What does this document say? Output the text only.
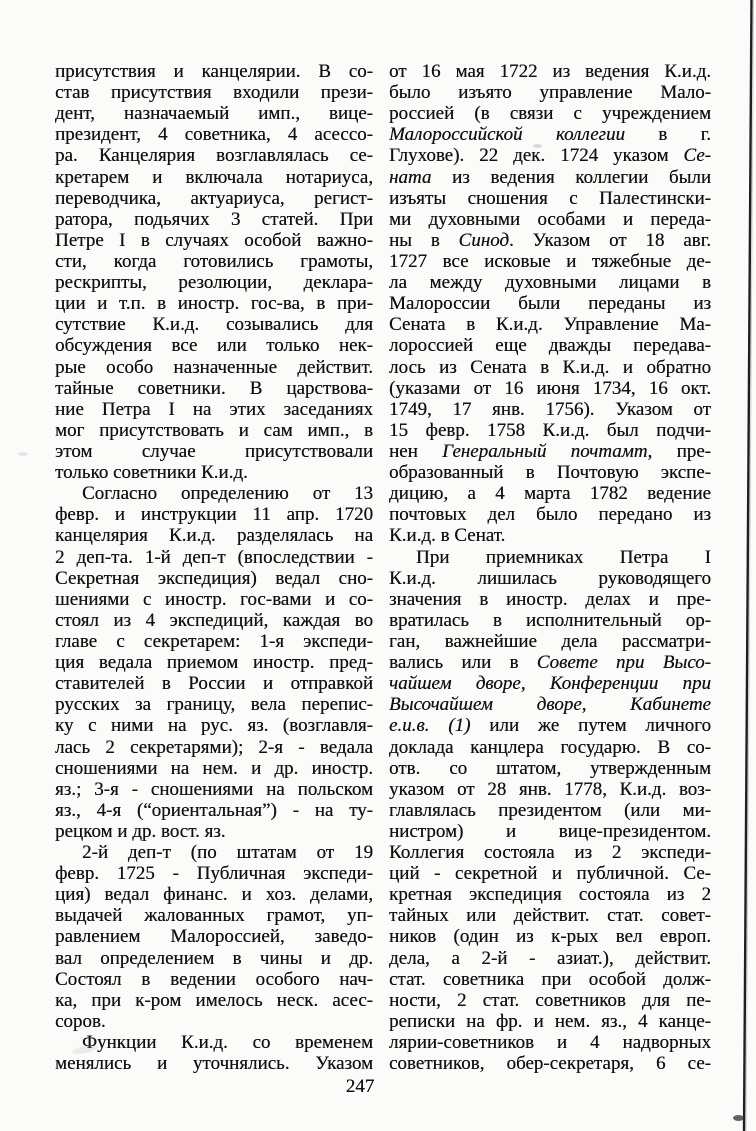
присутствия и канцелярии. В со-
став присутствия входили прези-
дент, назначаемый имп., вице-
президент, 4 советника, 4 асессо-
ра. Канцелярия возглавлялась се-
кретарем и включала нотариуса,
переводчика, актуариуса, регист-
ратора, подьячих 3 статей. При
Петре I в случаях особой важно-
сти, когда готовились грамоты,
рескрипты, резолюции, деклара-
ции и т.п. в иностр. гос-ва, в при-
сутствие К.и.д. созывались для
обсуждения все или только нек-
рые особо назначенные действит.
тайные советники. В царствова-
ние Петра I на этих заседаниях
мог присутствовать и сам имп., в
этом случае присутствовали
только советники К.и.д.
Согласно определению от 13
февр. и инструкции 11 апр. 1720
канцелярия К.и.д. разделялась на
2 деп-та. 1-й деп-т (впоследствии -
Секретная экспедиция) ведал сно-
шениями с иностр. гос-вами и со-
стоял из 4 экспедиций, каждая во
главе с секретарем: 1-я экспеди-
ция ведала приемом иностр. пред-
ставителей в России и отправкой
русских за границу, вела перепис-
ку с ними на рус. яз. (возглавля-
лась 2 секретарями); 2-я - ведала
сношениями на нем. и др. иностр.
яз.; 3-я - сношениями на польском
яз., 4-я (“ориентальная”) - на ту-
рецком и др. вост. яз.
2-й деп-т (по штатам от 19
февр. 1725 - Публичная экспеди-
ция) ведал финанс. и хоз. делами,
выдачей жалованных грамот, уп-
равлением Малороссией, заведо-
вал определением в чины и др.
Состоял в ведении особого нач-
ка, при к-ром имелось неск. асес-
соров.
Функции К.и.д. со временем
менялись и уточнялись. Указом
от 16 мая 1722 из ведения К.и.д.
было изъято управление Мало-
россией (в связи с учреждением
Малороссийской коллегии в г.
Глухове). 22 дек. 1724 указом Се-
ната из ведения коллегии были
изъяты сношения с Палестински-
ми духовными особами и переда-
ны в Синод. Указом от 18 авг.
1727 все исковые и тяжебные де-
ла между духовными лицами в
Малороссии были переданы из
Сената в К.и.д. Управление Ма-
лороссией еще дважды передава-
лось из Сената в К.и.д. и обратно
(указами от 16 июня 1734, 16 окт.
1749, 17 янв. 1756). Указом от
15 февр. 1758 К.и.д. был подчи-
нен Генеральный почтамт, пре-
образованный в Почтовую экспе-
дицию, а 4 марта 1782 ведение
почтовых дел было передано из
К.и.д. в Сенат.
При приемниках Петра I
К.и.д. лишилась руководящего
значения в иностр. делах и пре-
вратилась в исполнительный ор-
ган, важнейшие дела рассматри-
вались или в Совете при Высо-
чайшем дворе, Конференции при
Высочайшем дворе, Кабинете
е.и.в. (1) или же путем личного
доклада канцлера государю. В со-
отв. со штатом, утвержденным
указом от 28 янв. 1778, К.и.д. воз-
главлялась президентом (или ми-
нистром) и вице-президентом.
Коллегия состояла из 2 экспеди-
ций - секретной и публичной. Се-
кретная экспедиция состояла из 2
тайных или действит. стат. совет-
ников (один из к-рых вел европ.
дела, а 2-й - азиат.), действит.
стат. советника при особой долж-
ности, 2 стат. советников для пе-
реписки на фр. и нем. яз., 4 канце-
лярии-советников и 4 надворных
советников, обер-секретаря, 6 се-
247
